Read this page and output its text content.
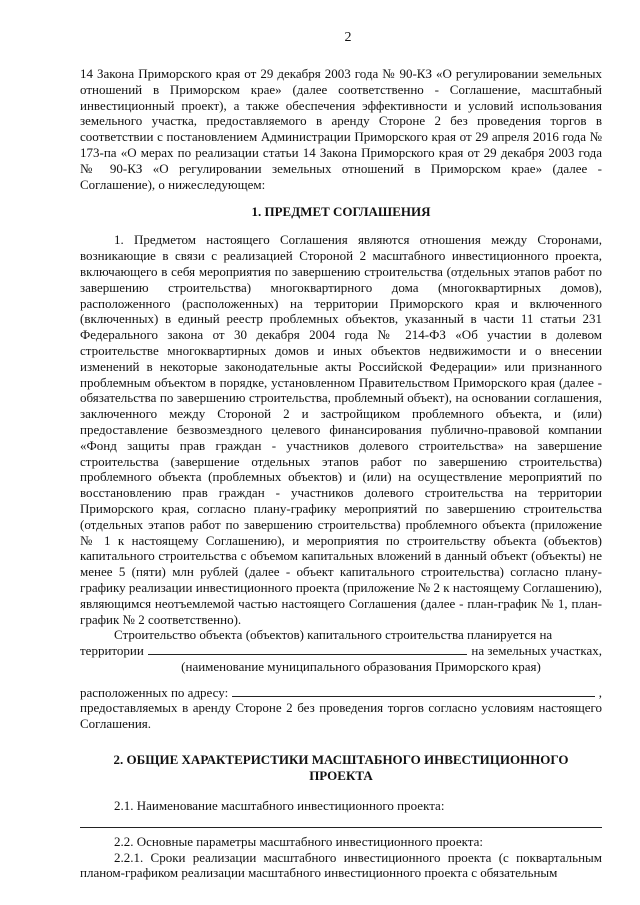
2

14 Закона Приморского края от 29 декабря 2003 года № 90-КЗ «О регулировании земельных отношений в Приморском крае» (далее соответственно - Соглашение, масштабный инвестиционный проект), а также обеспечения эффективности и условий использования земельного участка, предоставляемого в аренду Стороне 2 без проведения торгов в соответствии с постановлением Администрации Приморского края от 29 апреля 2016 года № 173-па «О мерах по реализации статьи 14 Закона Приморского края от 29 декабря 2003 года № 90-КЗ «О регулировании земельных отношений в Приморском крае» (далее - Соглашение), о нижеследующем:

1. ПРЕДМЕТ СОГЛАШЕНИЯ

1. Предметом настоящего Соглашения являются отношения между Сторонами, возникающие в связи с реализацией Стороной 2 масштабного инвестиционного проекта, включающего в себя мероприятия по завершению строительства (отдельных этапов работ по завершению строительства) многоквартирного дома (многоквартирных домов), расположенного (расположенных) на территории Приморского края и включенного (включенных) в единый реестр проблемных объектов, указанный в части 11 статьи 231 Федерального закона от 30 декабря 2004 года № 214-ФЗ «Об участии в долевом строительстве многоквартирных домов и иных объектов недвижимости и о внесении изменений в некоторые законодательные акты Российской Федерации» или признанного проблемным объектом в порядке, установленном Правительством Приморского края (далее - обязательства по завершению строительства, проблемный объект), на основании соглашения, заключенного между Стороной 2 и застройщиком проблемного объекта, и (или) предоставление безвозмездного целевого финансирования публично-правовой компании «Фонд защиты прав граждан - участников долевого строительства» на завершение строительства (завершение отдельных этапов работ по завершению строительства) проблемного объекта (проблемных объектов) и (или) на осуществление мероприятий по восстановлению прав граждан - участников долевого строительства на территории Приморского края, согласно плану-графику мероприятий по завершению строительства (отдельных этапов работ по завершению строительства) проблемного объекта (приложение № 1 к настоящему Соглашению), и мероприятия по строительству объекта (объектов) капитального строительства с объемом капитальных вложений в данный объект (объекты) не менее 5 (пяти) млн рублей (далее - объект капитального строительства) согласно плану-графику реализации инвестиционного проекта (приложение № 2 к настоящему Соглашению), являющимся неотъемлемой частью настоящего Соглашения (далее - план-график № 1, план-график № 2 соответственно).

Строительство объекта (объектов) капитального строительства планируется на

территории	на земельных участках,
(наименование муниципального образования Приморского края)
расположенных по адресу:	,

предоставляемых в аренду Стороне 2 без проведения торгов согласно условиям настоящего Соглашения.

2. ОБЩИЕ ХАРАКТЕРИСТИКИ МАСШТАБНОГО ИНВЕСТИЦИОННОГО ПРОЕКТА

2.1. Наименование масштабного инвестиционного проекта:

2.2. Основные параметры масштабного инвестиционного проекта:

2.2.1. Сроки реализации масштабного инвестиционного проекта (с поквартальным планом-графиком реализации масштабного инвестиционного проекта с обязательным
